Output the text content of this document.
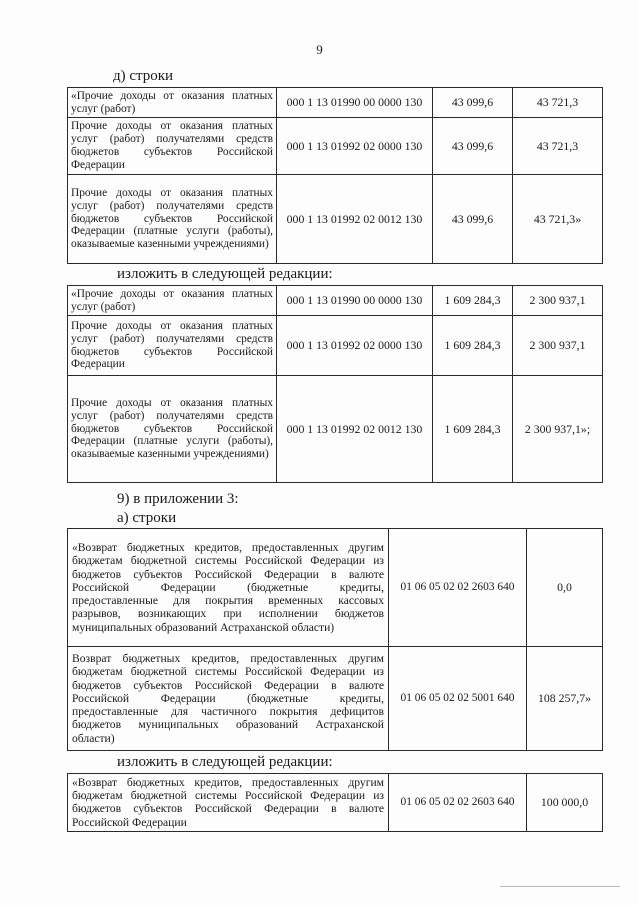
9
д) строки
«Прочие доходы от оказания платных услуг (работ)	000 1 13 01990 00 0000 130	43 099,6	43 721,3
Прочие доходы от оказания платных услуг (работ) получателями средств бюджетов субъектов Российской Федерации	000 1 13 01992 02 0000 130	43 099,6	43 721,3
Прочие доходы от оказания платных услуг (работ) получателями средств бюджетов субъектов Российской Федерации (платные услуги (работы), оказываемые казенными учреждениями)	000 1 13 01992 02 0012 130	43 099,6	43 721,3»
изложить в следующей редакции:
«Прочие доходы от оказания платных услуг (работ)	000 1 13 01990 00 0000 130	1 609 284,3	2 300 937,1
Прочие доходы от оказания платных услуг (работ) получателями средств бюджетов субъектов Российской Федерации	000 1 13 01992 02 0000 130	1 609 284,3	2 300 937,1
Прочие доходы от оказания платных услуг (работ) получателями средств бюджетов субъектов Российской Федерации (платные услуги (работы), оказываемые казенными учреждениями)	000 1 13 01992 02 0012 130	1 609 284,3	2 300 937,1»;
9) в приложении 3:
а) строки
«Возврат бюджетных кредитов, предоставленных другим бюджетам бюджетной системы Российской Федерации из бюджетов субъектов Российской Федерации в валюте Российской Федерации (бюджетные кредиты, предоставленные для покрытия временных кассовых разрывов, возникающих при исполнении бюджетов муниципальных образований Астраханской области)	01 06 05 02 02 2603 640	0,0
Возврат бюджетных кредитов, предоставленных другим бюджетам бюджетной системы Российской Федерации из бюджетов субъектов Российской Федерации в валюте Российской Федерации (бюджетные кредиты, предоставленные для частичного покрытия дефицитов бюджетов муниципальных образований Астраханской области)	01 06 05 02 02 5001 640	108 257,7»
изложить в следующей редакции:
«Возврат бюджетных кредитов, предоставленных другим бюджетам бюджетной системы Российской Федерации из бюджетов субъектов Российской Федерации в валюте Российской Федерации	01 06 05 02 02 2603 640	100 000,0
